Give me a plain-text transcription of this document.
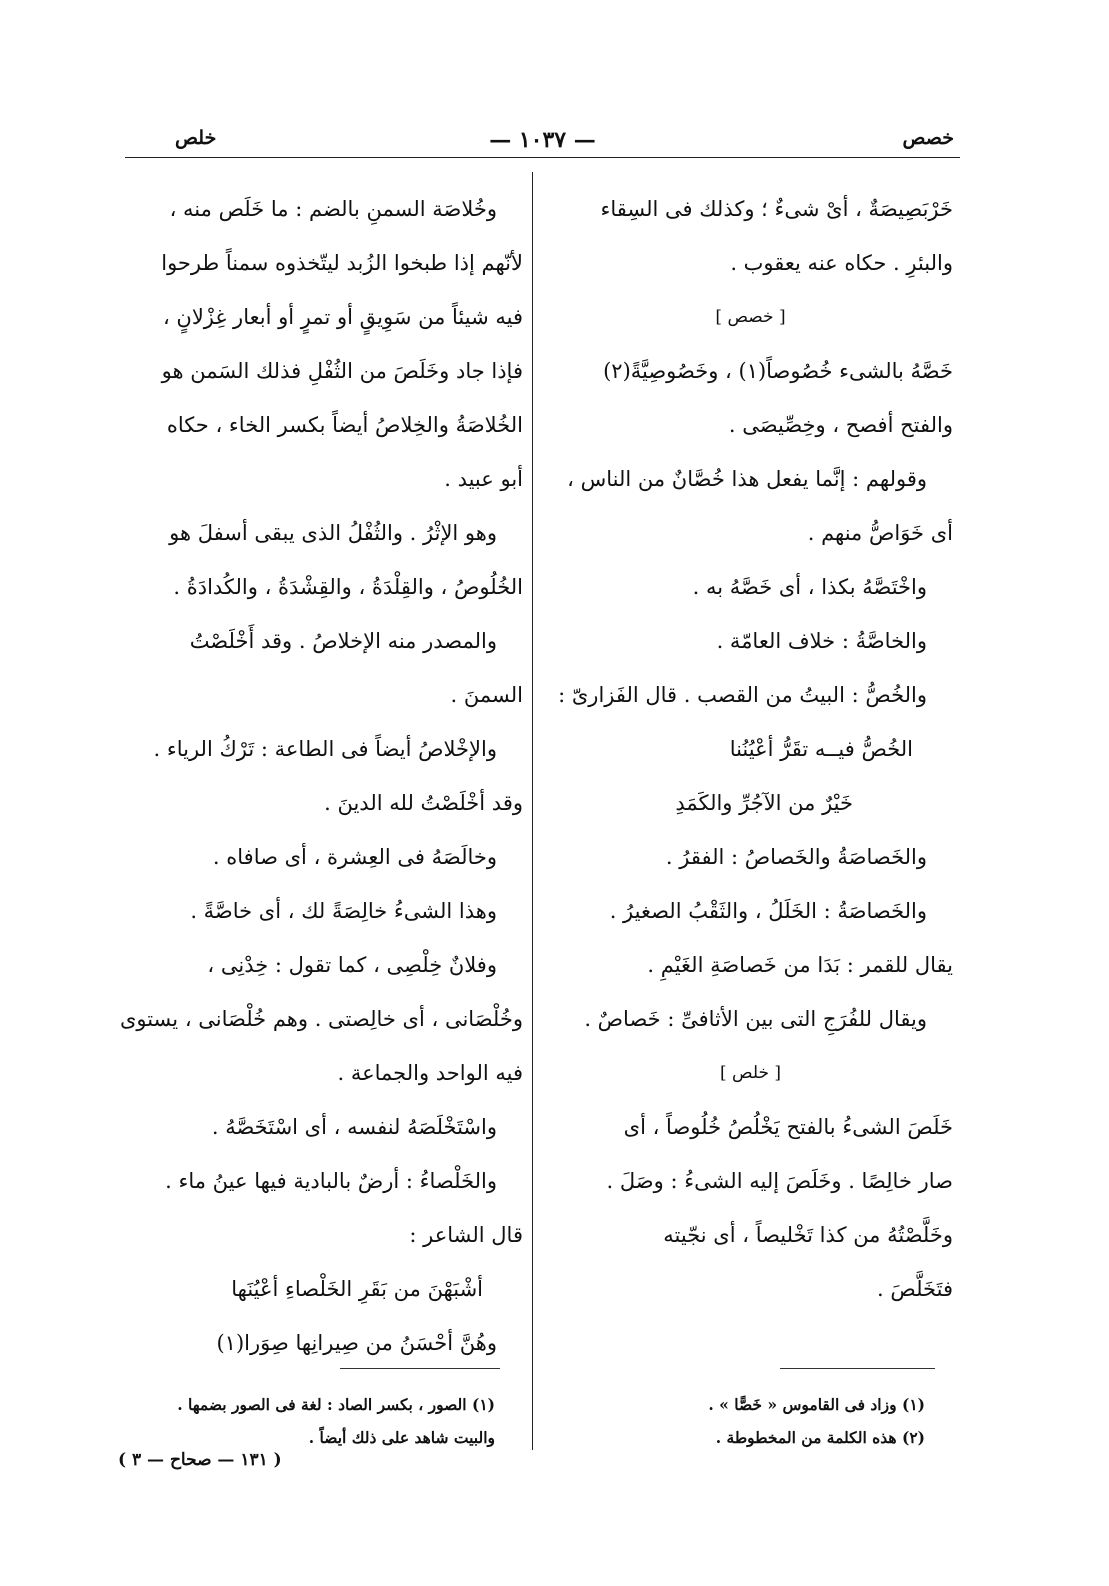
خصص
— ١٠٣٧ —
خلص
خَرْبَصِيصَةٌ ، أىْ شىءٌ ؛ وكذلك فى السِقاء
والبئرِ . حكاه عنه يعقوب .
[ خصص ]
خَصَّهُ بالشىء خُصُوصاً(١) ، وخَصُوصِيَّةً(٢)
والفتح أفصح ، وخِصِّيصَى .
وقولهم : إنَّما يفعل هذا خُصَّانٌ من الناس ،
أى خَوَاصُّ منهم .
واخْتَصَّهُ بكذا ، أى خَصَّهُ به .
والخاصَّةُ : خلاف العامّة .
والخُصُّ : البيتُ من القصب . قال الفَزارىّ :
الخُصُّ فيــه تقَرُّ أعْيُنُنا
خَيْرٌ من الآجُرِّ والكَمَدِ
والخَصاصَةُ والخَصاصُ : الفقرُ .
والخَصاصَةُ : الخَلَلُ ، والثَقْبُ الصغيرُ .
يقال للقمر : بَدَا من خَصاصَةِ الغَيْمِ .
ويقال للفُرَجِ التى بين الأثافىِّ : خَصاصٌ .
[ خلص ]
خَلَصَ الشىءُ بالفتح يَخْلُصُ خُلُوصاً ، أى
صار خالِصًا . وخَلَصَ إليه الشىءُ : وصَلَ .
وخَلَّصْتُهُ من كذا تَخْليصاً ، أى نجّيته
فتَخَلَّصَ .
وخُلاصَة السمنِ بالضم : ما خَلَص منه ،
لأنّهم إذا طبخوا الزُبد ليتّخذوه سمناً طرحوا
فيه شيئاً من سَوِيقٍ أو تمرٍ أو أبعار غِزْلانٍ ،
فإذا جاد وخَلَصَ من الثُفْلِ فذلك السَمن هو
الخُلاصَةُ والخِلاصُ أيضاً بكسر الخاء ، حكاه
أبو عبيد .
وهو الإثْرُ . والثُفْلُ الذى يبقى أسفلَ هو
الخُلُوصُ ، والقِلْدَةُ ، والقِشْدَةُ ، والكُدادَةُ .
والمصدر منه الإخلاصُ . وقد أَخْلَصْتُ
السمنَ .
والإخْلاصُ أيضاً فى الطاعة : تَرْكُ الرياء .
وقد أخْلَصْتُ لله الدينَ .
وخالَصَهُ فى العِشرة ، أى صافاه .
وهذا الشىءُ خالِصَةً لك ، أى خاصَّةً .
وفلانٌ خِلْصِى ، كما تقول : خِدْنِى ،
وخُلْصَانى ، أى خالِصتى . وهم خُلْصَانى ، يستوى
فيه الواحد والجماعة .
واسْتَخْلَصَهُ لنفسه ، أى اسْتَخَصَّهُ .
والخَلْصاءُ : أرضٌ بالبادية فيها عينُ ماء .
قال الشاعر :
أشْبَهْنَ من بَقَرِ الخَلْصاءِ أعْيُنَها
وهُنَّ أحْسَنُ من صِيرانِها صِوَرا(١)
(١) وزاد فى القاموس « خَصًّا » .
(٢) هذه الكلمة من المخطوطة .
(١) الصور ، بكسر الصاد : لغة فى الصور بضمها .
والبيت شاهد على ذلك أيضاً .
( ١٣١ — صحاح — ٣ )
